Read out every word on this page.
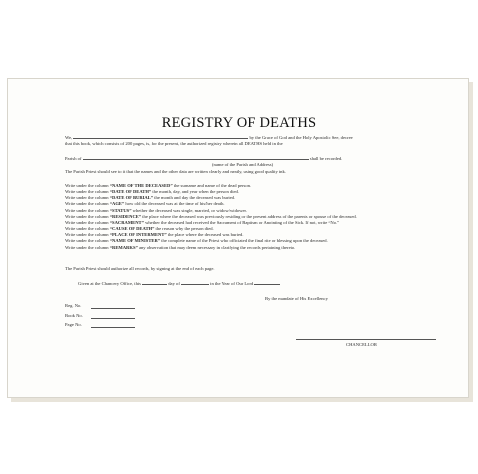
REGISTRY OF DEATHS
We,	by the Grace of God and the Holy Apostolic See, decree
that this book, which consists of 200 pages, is, for the present, the authorized registry wherein all DEATHS held in the
Parish of	shall be recorded.
(name of the Parish and Address)
The Parish Priest should see to it that the names and the other data are written clearly and neatly, using good quality ink.
Write under the column “NAME OF THE DECEASED” the surname and name of the dead person.
Write under the column “DATE OF DEATH” the month, day, and year when the person died.
Write under the column “DATE OF BURIAL” the month and day the deceased was buried.
Write under the column “AGE” how old the deceased was at the time of his/her death.
Write under the column “STATUS” whether the deceased was single, married, or widow/widower.
Write under the column “RESIDENCE” the place where the deceased was previously residing or the present address of the parents or spouse of the deceased.
Write under the column “SACRAMENT” whether the deceased had received the Sacrament of Baptism or Anointing of the Sick. If not, write “No.”
Write under the column “CAUSE OF DEATH” the reason why the person died.
Write under the column “PLACE OF INTERMENT” the place where the deceased was buried.
Write under the column “NAME OF MINISTER” the complete name of the Priest who officiated the final rite or blessing upon the deceased.
Write under the column “REMARKS” any observation that may deem necessary in clarifying the records pertaining thereto.
The Parish Priest should authorize all records, by signing at the end of each page.
Given at the Chancery Office, this	day of	in the Year of Our Lord
By the mandate of His Excellency
Reg. No.
Book No.
Page No.
CHANCELLOR
